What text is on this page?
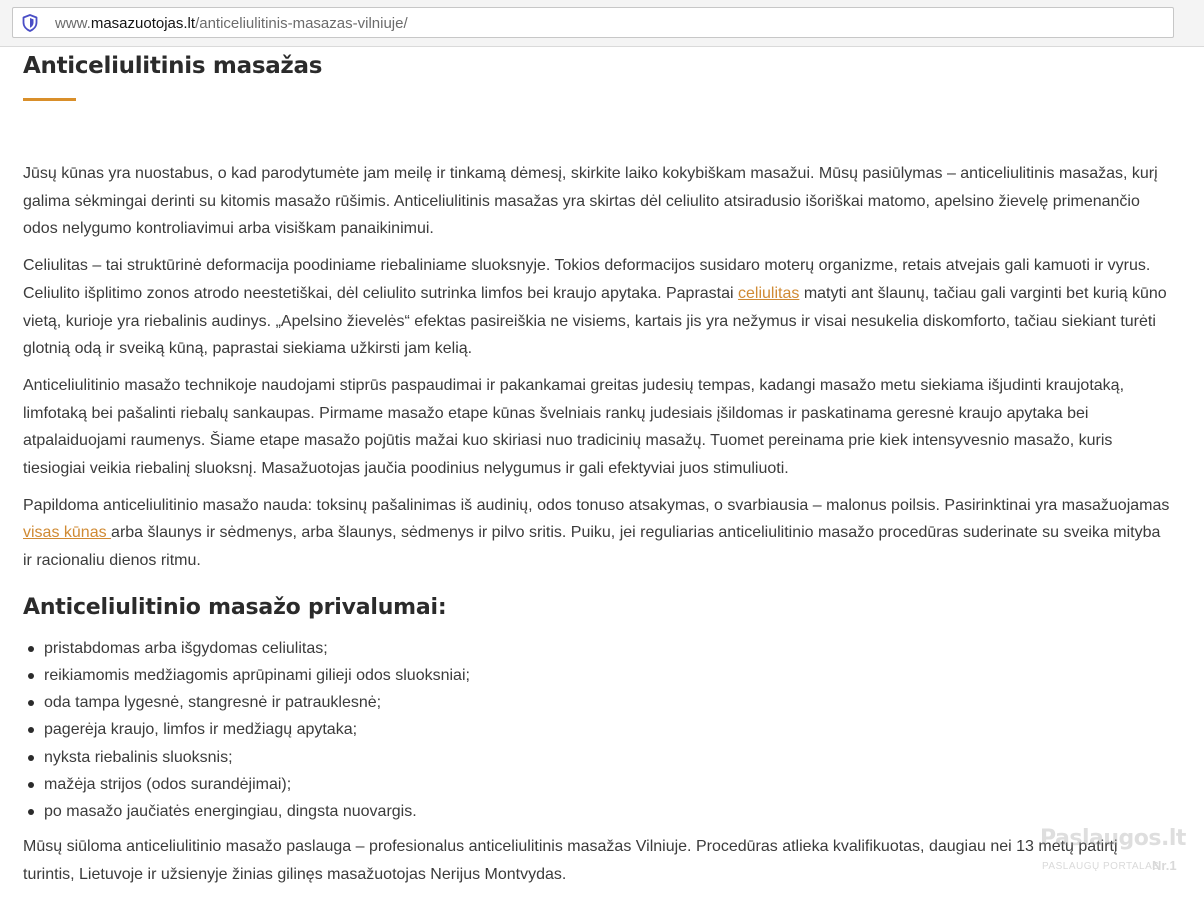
www.masazuotojas.lt/anticeliulitinis-masazas-vilniuje/
Anticeliulitinis masažas

Jūsų kūnas yra nuostabus, o kad parodytumėte jam meilę ir tinkamą dėmesį, skirkite laiko kokybiškam masažui. Mūsų pasiūlymas – anticeliulitinis masažas, kurį galima sėkmingai derinti su kitomis masažo rūšimis. Anticeliulitinis masažas yra skirtas dėl celiulito atsiradusio išoriškai matomo, apelsino žievelę primenančio odos nelygumo kontroliavimui arba visiškam panaikinimui.

Celiulitas – tai struktūrinė deformacija poodiniame riebaliniame sluoksnyje. Tokios deformacijos susidaro moterų organizme, retais atvejais gali kamuoti ir vyrus. Celiulito išplitimo zonos atrodo neestetiškai, dėl celiulito sutrinka limfos bei kraujo apytaka. Paprastai celiulitas matyti ant šlaunų, tačiau gali varginti bet kurią kūno vietą, kurioje yra riebalinis audinys. „Apelsino žievelės“ efektas pasireiškia ne visiems, kartais jis yra nežymus ir visai nesukelia diskomforto, tačiau siekiant turėti glotnią odą ir sveiką kūną, paprastai siekiama užkirsti jam kelią.

Anticeliulitinio masažo technikoje naudojami stiprūs paspaudimai ir pakankamai greitas judesių tempas, kadangi masažo metu siekiama išjudinti kraujotaką, limfotaką bei pašalinti riebalų sankaupas. Pirmame masažo etape kūnas švelniais rankų judesiais įšildomas ir paskatinama geresnė kraujo apytaka bei atpalaiduojami raumenys. Šiame etape masažo pojūtis mažai kuo skiriasi nuo tradicinių masažų. Tuomet pereinama prie kiek intensyvesnio masažo, kuris tiesiogiai veikia riebalinį sluoksnį. Masažuotojas jaučia poodinius nelygumus ir gali efektyviai juos stimuliuoti.

Papildoma anticeliulitinio masažo nauda: toksinų pašalinimas iš audinių, odos tonuso atsakymas, o svarbiausia – malonus poilsis. Pasirinktinai yra masažuojamas visas kūnas arba šlaunys ir sėdmenys, arba šlaunys, sėdmenys ir pilvo sritis. Puiku, jei reguliarias anticeliulitinio masažo procedūras suderinate su sveika mityba ir racionaliu dienos ritmu.

Anticeliulitinio masažo privalumai:
pristabdomas arba išgydomas celiulitas;
reikiamomis medžiagomis aprūpinami gilieji odos sluoksniai;
oda tampa lygesnė, stangresnė ir patrauklesnė;
pagerėja kraujo, limfos ir medžiagų apytaka;
nyksta riebalinis sluoksnis;
mažėja strijos (odos surandėjimai);
po masažo jaučiatės energingiau, dingsta nuovargis.

Mūsų siūloma anticeliulitinio masažo paslauga – profesionalus anticeliulitinis masažas Vilniuje. Procedūras atlieka kvalifikuotas, daugiau nei 13 metų patirtį turintis, Lietuvoje ir užsienyje žinias gilinęs masažuotojas Nerijus Montvydas.

Paslaugos.lt
PASLAUGŲ PORTALAS
Nr.1
